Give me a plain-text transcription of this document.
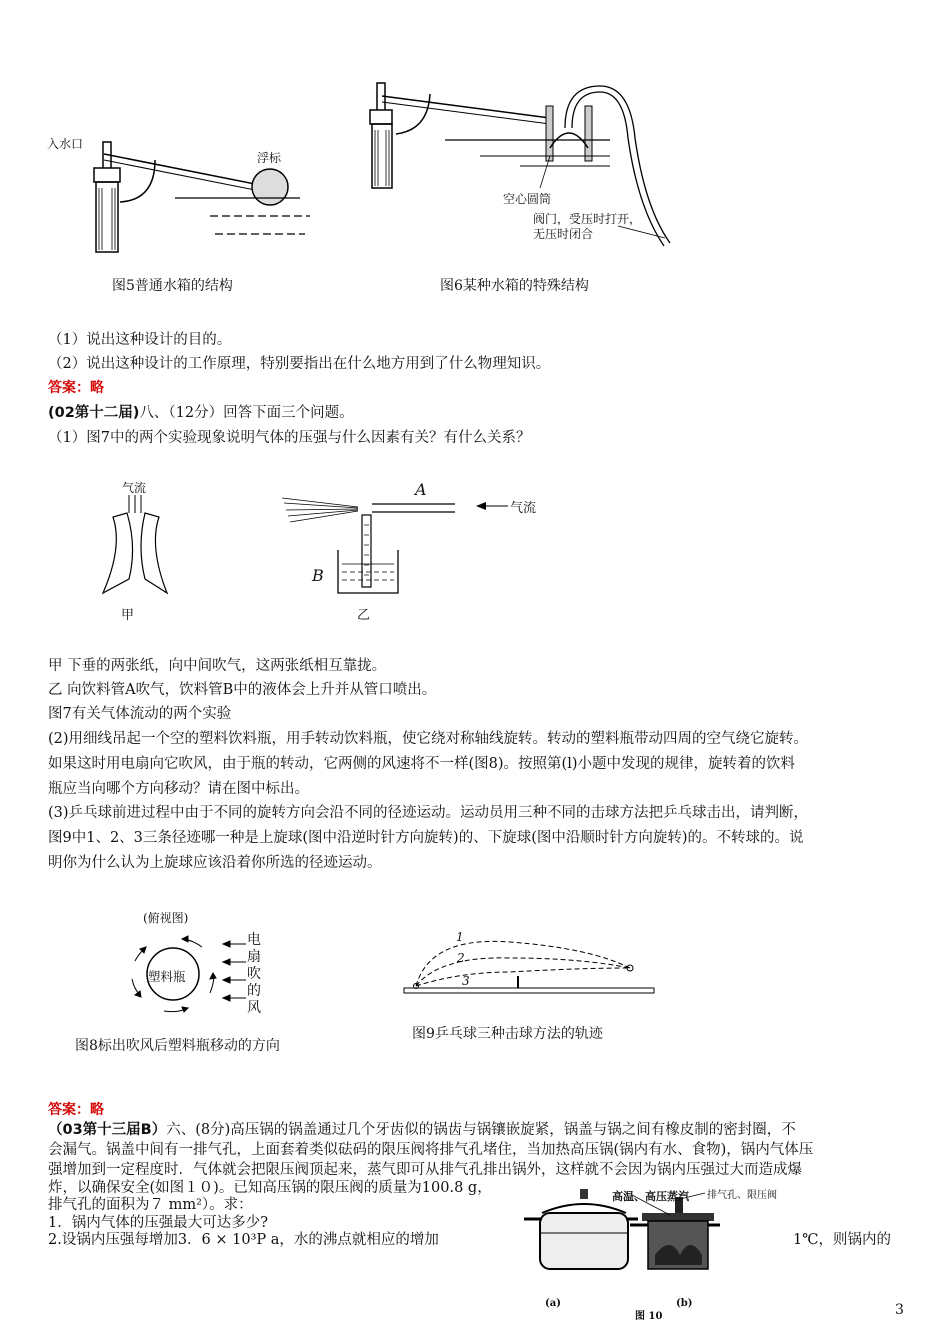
入水口
浮标
图5普通水箱的结构
空心圆筒
阀门，受压时打开，
无压时闭合
图6某种水箱的特殊结构
（1）说出这种设计的目的。
（2）说出这种设计的工作原理，特别要指出在什么地方用到了什么物理知识。
答案：略
(02第十二届)八、（12分）回答下面三个问题。
（1）图7中的两个实验现象说明气体的压强与什么因素有关？有什么关系？
气流
甲
A
气流
B
乙
甲 下垂的两张纸，向中间吹气，这两张纸相互靠拢。
乙 向饮料管A吹气，饮料管B中的液体会上升并从管口喷出。
图7有关气体流动的两个实验
(2)用细线吊起一个空的塑料饮料瓶，用手转动饮料瓶，使它绕对称轴线旋转。转动的塑料瓶带动四周的空气绕它旋转。
如果这时用电扇向它吹风，由于瓶的转动，它两侧的风速将不一样(图8)。按照第(l)小题中发现的规律，旋转着的饮料
瓶应当向哪个方向移动？请在图中标出。
(3)乒乓球前进过程中由于不同的旋转方向会沿不同的径迹运动。运动员用三种不同的击球方法把乒乓球击出，请判断，
图9中1、2、3三条径迹哪一种是上旋球(图中沿逆时针方向旋转)的、下旋球(图中沿顺时针方向旋转)的。不转球的。说
明你为什么认为上旋球应该沿着你所选的径迹运动。
(俯视图)
塑料瓶
电
扇
吹
的
风
图8标出吹风后塑料瓶移动的方向
1
2
3
图9乒乓球三种击球方法的轨迹
答案：略
（03第十三届B）六、(8分)高压锅的锅盖通过几个牙齿似的锅齿与锅镶嵌旋紧，锅盖与锅之间有橡皮制的密封圈，不
会漏气。锅盖中间有一排气孔，上面套着类似砝码的限压阀将排气孔堵住，当加热高压锅(锅内有水、食物)，锅内气体压
强增加到一定程度时．气体就会把限压阀顶起来，蒸气即可从排气孔排出锅外，这样就不会因为锅内压强过大而造成爆
炸，以确保安全(如图１０)。已知高压锅的限压阀的质量为100.8 g，
排气孔的面积为７ mm²）。求：
1．锅内气体的压强最大可达多少?
2.设锅内压强每增加3．6 × 10³P a，水的沸点就相应的增加	1℃，则锅内的
高温、高压蒸汽 排气孔、限压阀
(a)
图 10
(b)	3
